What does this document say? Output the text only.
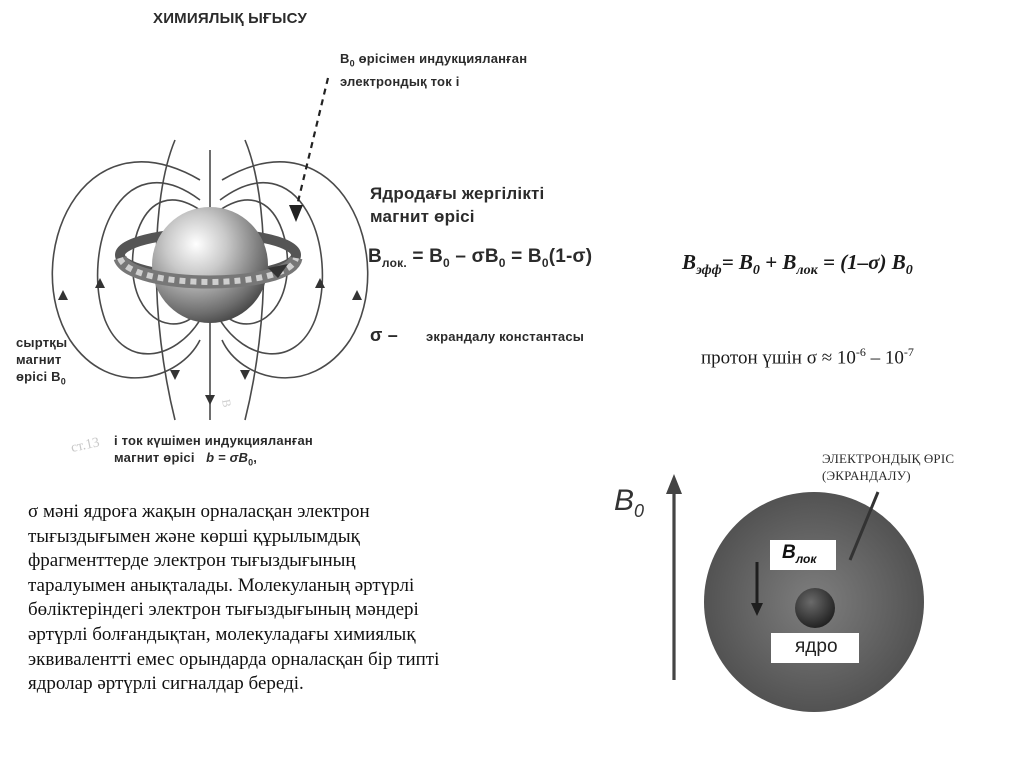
ст.13
B
ХИМИЯЛЫҚ ЫҒЫСУ
$B_0$ өрісімен индукцияланған
электрондық ток i
сыртқы
магнит
өрісі $B_0$
i ток күшімен индукцияланған
магнит өрісі $b = \sigma B_0$,
Ядродағы жергілікті
магнит өрісі
$B_{лок.} = B_0 - \sigma B_0 = B_0(1-\sigma)$
σ – экрандалу константасы
$B_{эфф}= B_0 + B_{лок} = (1-\sigma)$ $B_0$
протон үшін $\sigma \approx 10^{-6} - 10^{-7}$
σ мәні ядроға жақын орналасқан электрон
тығыздығымен және көрші құрылымдық
фрагменттерде электрон тығыздығының
таралуымен анықталады. Молекуланың әртүрлі
бөліктеріндегі электрон тығыздығының мәндері
әртүрлі болғандықтан, молекуладағы химиялық
эквивалентті емес орындарда орналасқан бір типті
ядролар әртүрлі сигналдар береді.
ЭЛЕКТРОНДЫҚ ӨРІС
(ЭКРАНДАЛУ)
$B_0$
$B_{лок}$
ядро
